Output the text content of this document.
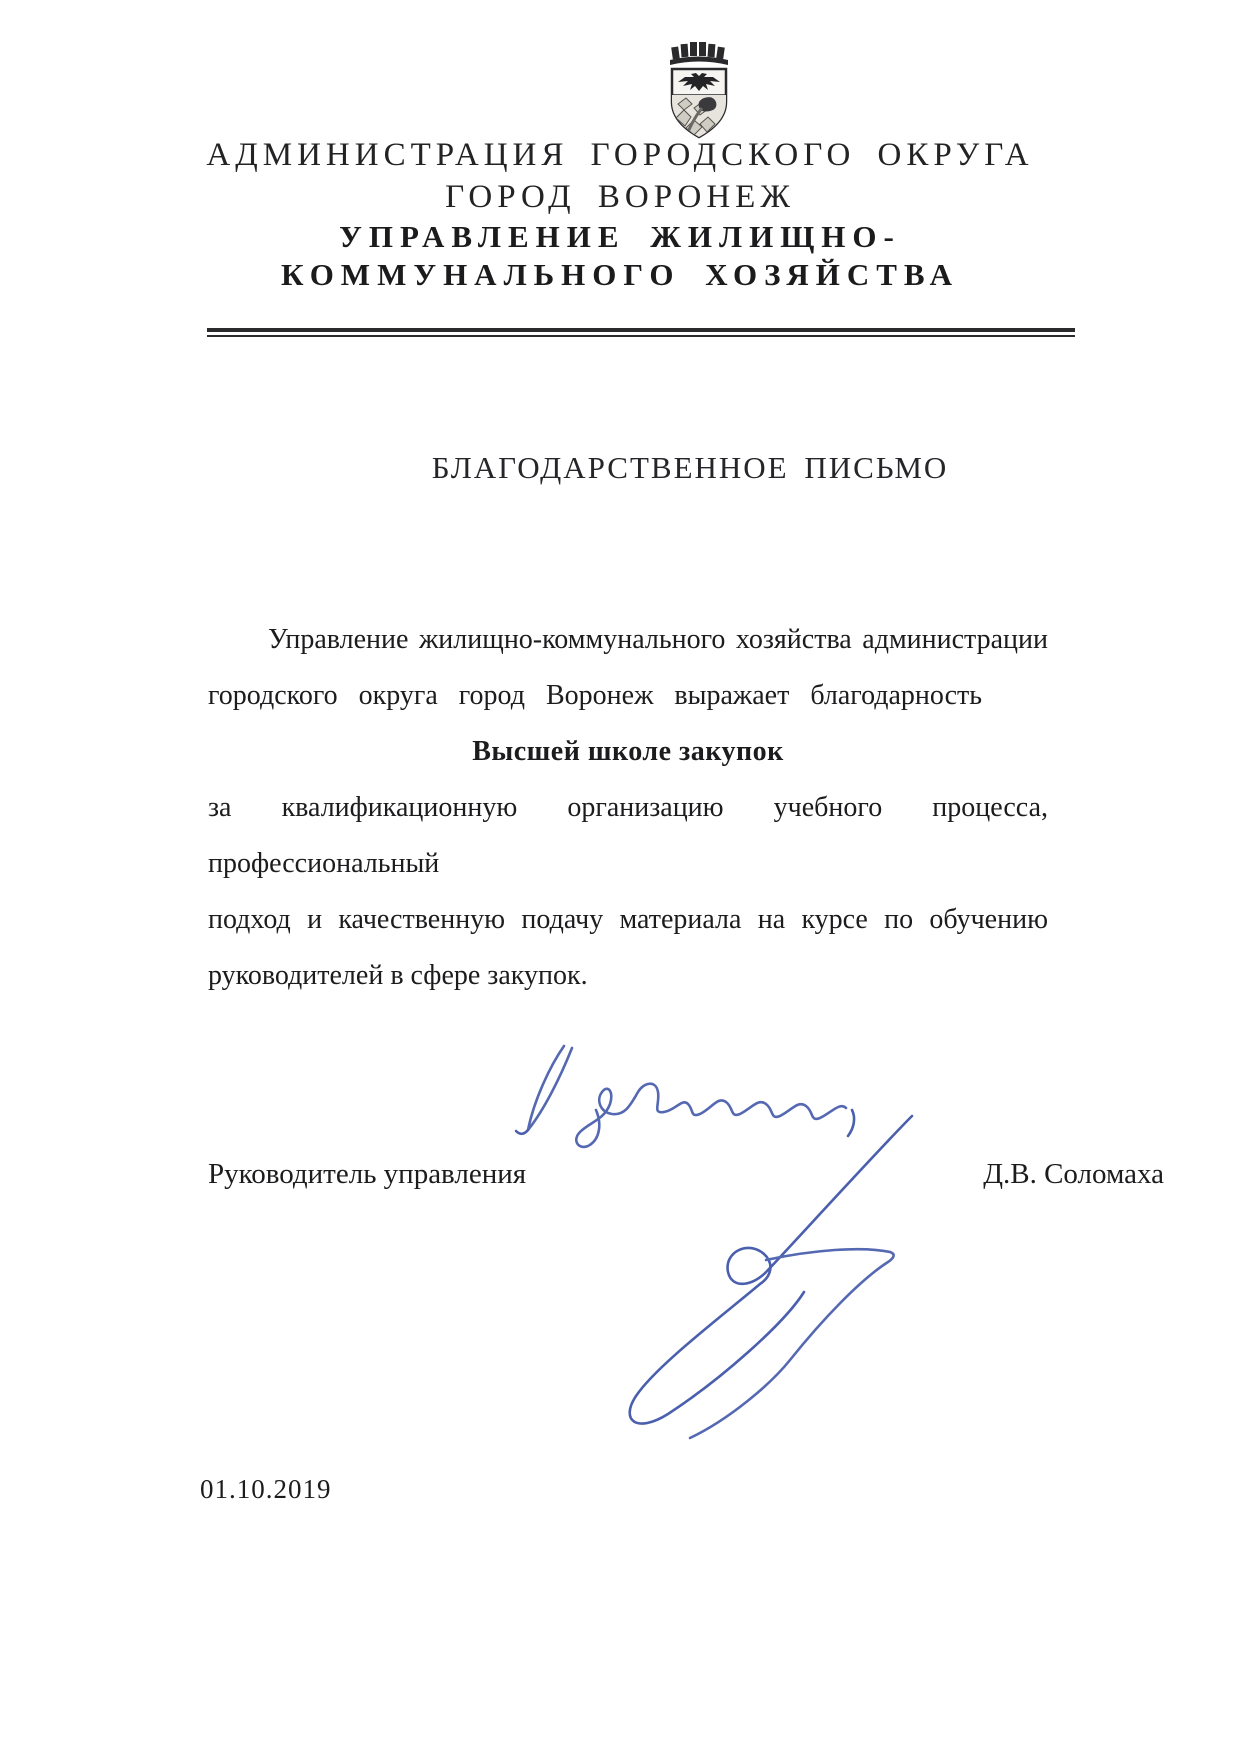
АДМИНИСТРАЦИЯ ГОРОДСКОГО ОКРУГА
ГОРОД ВОРОНЕЖ
УПРАВЛЕНИЕ ЖИЛИЩНО-
КОММУНАЛЬНОГО ХОЗЯЙСТВА
БЛАГОДАРСТВЕННОЕ ПИСЬМО
Управление жилищно-коммунального хозяйства администрации
городского округа город Воронеж выражает благодарность
Высшей школе закупок
за квалификационную организацию учебного процесса, профессиональный
подход и качественную подачу материала на курсе по обучению
руководителей в сфере закупок.
Руководитель управления	Д.В. Соломаха
01.10.2019
